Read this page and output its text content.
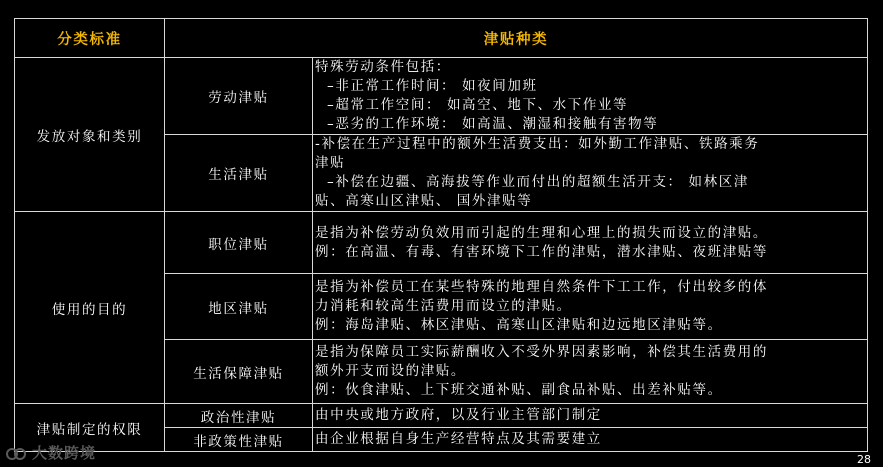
分类标准	津贴种类	
发放对象和类别	劳动津贴	特殊劳动条件包括：
–非正常工作时间： 如夜间加班
–超常工作空间： 如高空、地下、水下作业等
–恶劣的工作环境： 如高温、潮湿和接触有害物等

	生活津贴	-补偿在生产过程中的额外生活费支出：如外勤工作津贴、铁路乘务
津贴
–补偿在边疆、高海拔等作业而付出的超额生活开支： 如林区津
贴、高寒山区津贴、 国外津贴等

使用的目的	职位津贴	是指为补偿劳动负效用而引起的生理和心理上的损失而设立的津贴。
例：在高温、有毒、有害环境下工作的津贴，潜水津贴、夜班津贴等

	地区津贴	是指为补偿员工在某些特殊的地理自然条件下工工作，付出较多的体
力消耗和较高生活费用而设立的津贴。
例：海岛津贴、林区津贴、高寒山区津贴和边远地区津贴等。

	生活保障津贴	是指为保障员工实际薪酬收入不受外界因素影响，补偿其生活费用的
额外开支而设的津贴。
例：伙食津贴、上下班交通补贴、副食品补贴、出差补贴等。

津贴制定的权限	政治性津贴	由中央或地方政府，以及行业主管部门制定

	非政策性津贴	由企业根据自身生产经营特点及其需要建立
大数跨境	28
